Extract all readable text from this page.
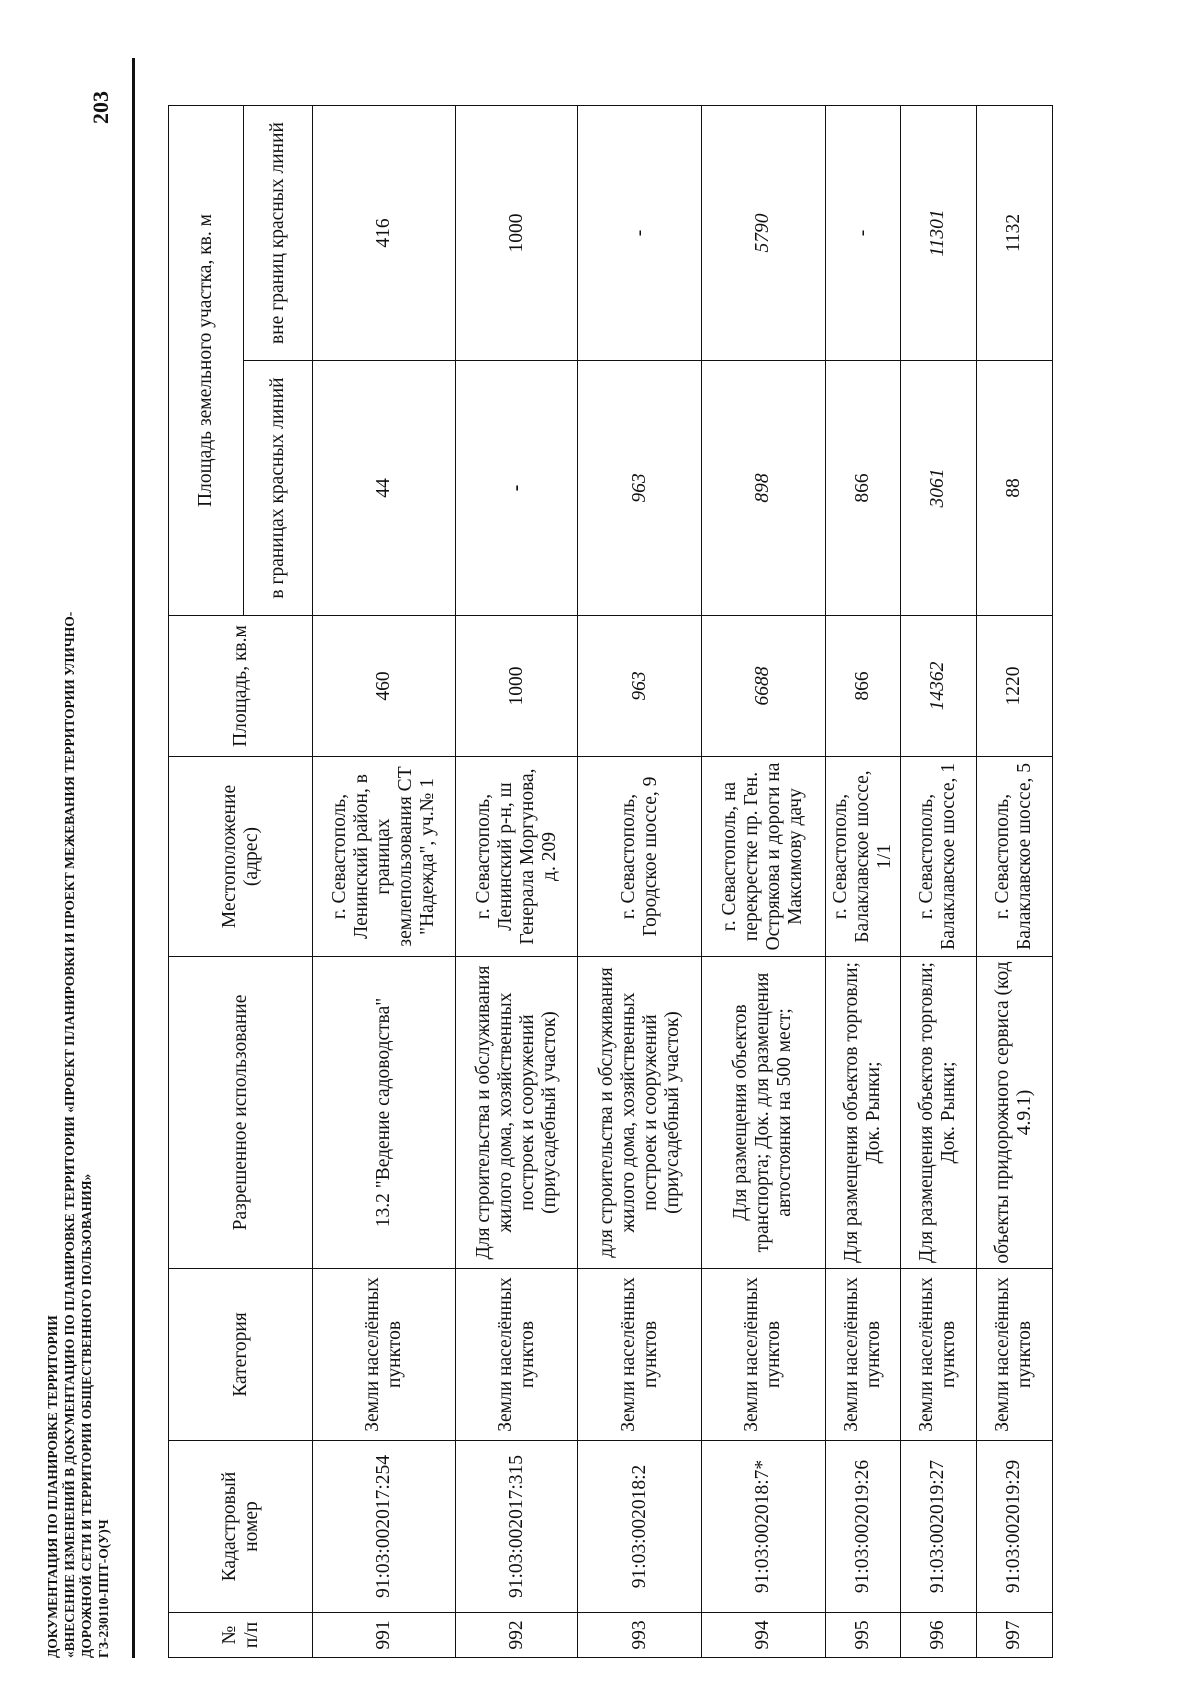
203
ДОКУМЕНТАЦИЯ ПО ПЛАНИРОВКЕ ТЕРРИТОРИИ «ВНЕСЕНИЕ ИЗМЕНЕНИЙ В ДОКУМЕНТАЦИЮ ПО ПЛАНИРОВКЕ ТЕРРИТОРИИ «ПРОЕКТ ПЛАНИРОВКИ И ПРОЕКТ МЕЖЕВАНИЯ ТЕРРИТОРИИ УЛИЧНО- ДОРОЖНОЙ СЕТИ И ТЕРРИТОРИИ ОБЩЕСТВЕННОГО ПОЛЬЗОВАНИЯ» ГЗ-230110-ППТ-О(У)Ч	№ п/п	Кадастровый номер	Категория	Разрешенное использование	Местоположение (адрес)	Площадь, кв.м	Площадь земельного участка, кв. м	
						в границах красных линий	вне границ красных линий
991	91:03:002017:254	Земли населённых пунктов	13.2 "Ведение садоводства"	г. Севастополь, Ленинский район, в границах землепользования СТ "Надежда", уч.№ 1	460	44	416
992	91:03:002017:315	Земли населённых пунктов	Для строительства и обслуживания жилого дома, хозяйственных построек и сооружений (приусадебный участок)	г. Севастополь, Ленинский р-н, ш Генерала Моргунова, д. 209	1000	-	1000
993	91:03:002018:2	Земли населённых пунктов	для строительства и обслуживания жилого дома, хозяйственных построек и сооружений (приусадебный участок)	г. Севастополь, Городское шоссе, 9	963	963	-
994	91:03:002018:7*	Земли населённых пунктов	Для размещения объектов транспорта; Док. для размещения автостоянки на 500 мест;	г. Севастополь, на перекрестке пр. Ген. Острякова и дороги на Максимову дачу	6688	898	5790
995	91:03:002019:26	Земли населённых пунктов	Для размещения объектов торговли; Док. Рынки;	г. Севастополь, Балаклавское шоссе, 1/1	866	866	-
996	91:03:002019:27	Земли населённых пунктов	Для размещения объектов торговли; Док. Рынки;	г. Севастополь, Балаклавское шоссе, 1	14362	3061	11301
997	91:03:002019:29	Земли населённых пунктов	объекты придорожного сервиса (код 4.9.1)	г. Севастополь, Балаклавское шоссе, 5	1220	88	1132
